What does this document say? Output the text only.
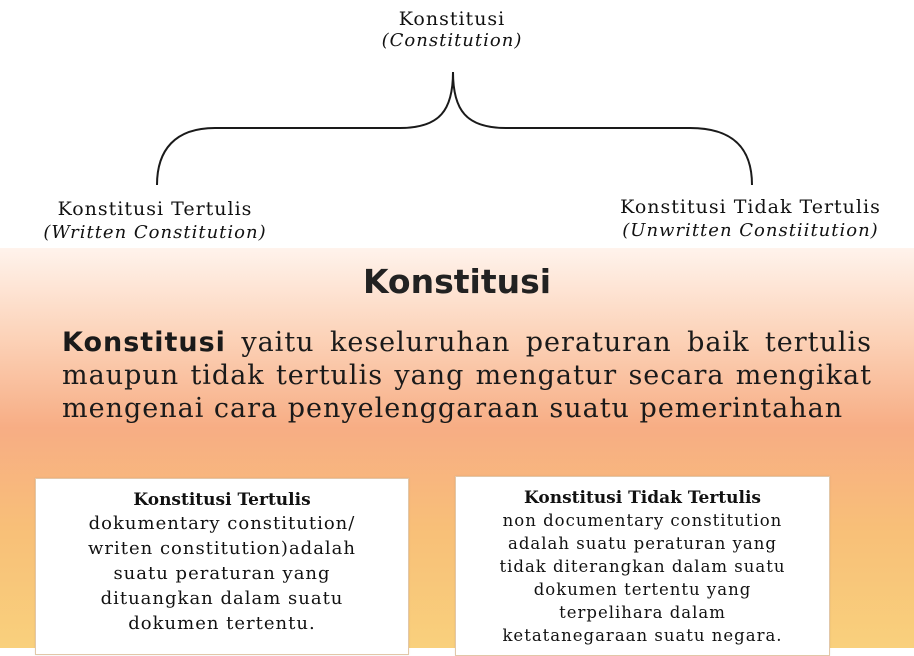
Konstitusi
(Constitution)
Konstitusi Tertulis
(Written Constitution)
Konstitusi Tidak Tertulis
(Unwritten Constiitution)
Konstitusi
Konstitusi yaitu keseluruhan peraturan baik tertulis maupun tidak tertulis yang mengatur secara mengikat mengenai cara penyelenggaraan suatu pemerintahan
Konstitusi Tertulis
dokumentary constitution/
writen constitution)adalah
suatu peraturan yang
dituangkan dalam suatu
dokumen tertentu.
Konstitusi Tidak Tertulis
non documentary constitution
adalah suatu peraturan yang
tidak diterangkan dalam suatu
dokumen tertentu yang
terpelihara dalam
ketatanegaraan suatu negara.
